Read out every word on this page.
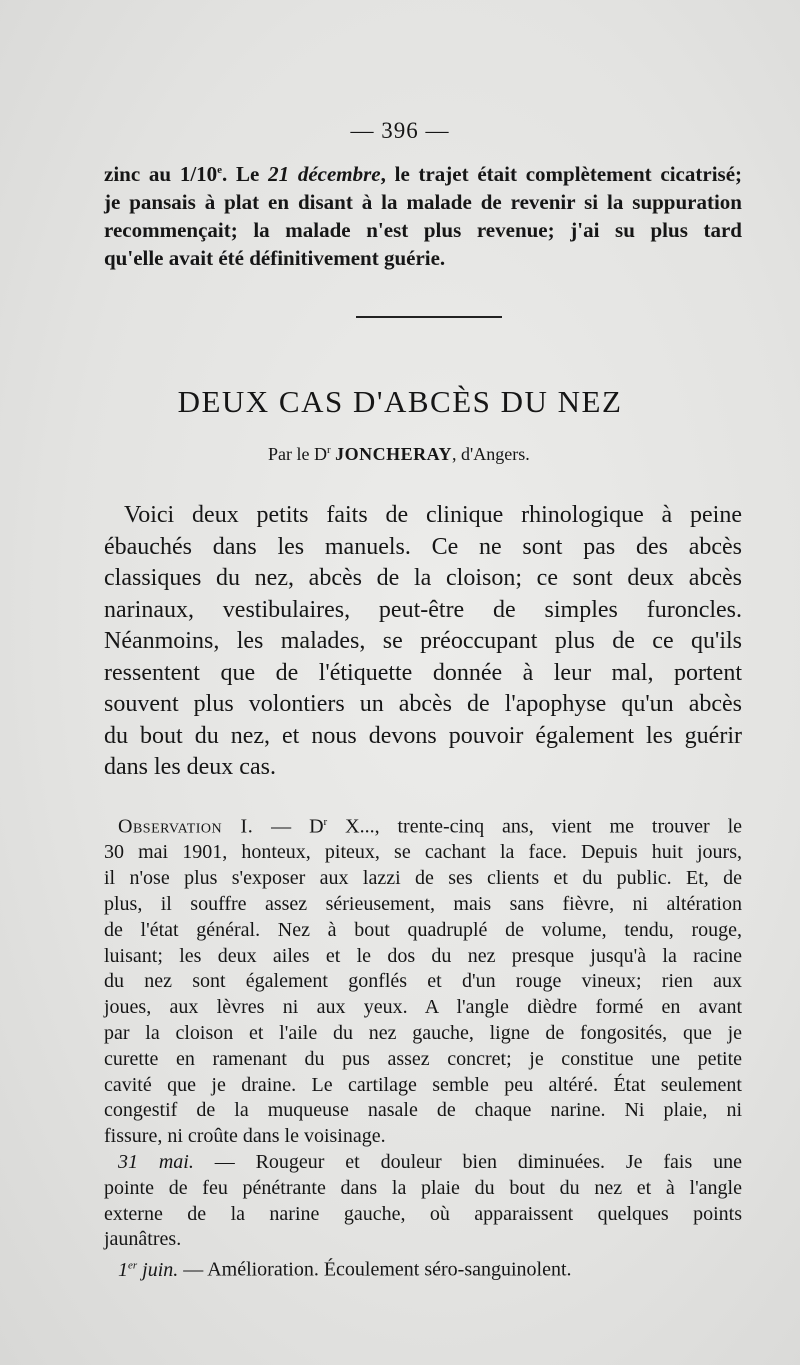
— 396 —
zinc au 1/10e. Le 21 décembre, le trajet était complètement cicatrisé;
je pansais à plat en disant à la malade de revenir si la suppuration
recommençait; la malade n'est plus revenue; j'ai su plus tard
qu'elle avait été définitivement guérie.
DEUX CAS D'ABCÈS DU NEZ
Par le $D^r$ JONCHERAY, d'Angers.
Voici deux petits faits de clinique rhinologique à peine
ébauchés dans les manuels. Ce ne sont pas des abcès
classiques du nez, abcès de la cloison; ce sont deux abcès
narinaux, vestibulaires, peut-être de simples furoncles.
Néanmoins, les malades, se préoccupant plus de ce qu'ils
ressentent que de l'étiquette donnée à leur mal, portent
souvent plus volontiers un abcès de l'apophyse qu'un abcès
du bout du nez, et nous devons pouvoir également les guérir
dans les deux cas.
Observation I. — $D^r$ X..., trente-cinq ans, vient me trouver le
30 mai 1901, honteux, piteux, se cachant la face. Depuis huit jours,
il n'ose plus s'exposer aux lazzi de ses clients et du public. Et, de
plus, il souffre assez sérieusement, mais sans fièvre, ni altération
de l'état général. Nez à bout quadruplé de volume, tendu, rouge,
luisant; les deux ailes et le dos du nez presque jusqu'à la racine
du nez sont également gonflés et d'un rouge vineux; rien aux
joues, aux lèvres ni aux yeux. A l'angle dièdre formé en avant
par la cloison et l'aile du nez gauche, ligne de fongosités, que je
curette en ramenant du pus assez concret; je constitue une petite
cavité que je draine. Le cartilage semble peu altéré. État seulement
congestif de la muqueuse nasale de chaque narine. Ni plaie, ni
fissure, ni croûte dans le voisinage.
31 mai. — Rougeur et douleur bien diminuées. Je fais une
pointe de feu pénétrante dans la plaie du bout du nez et à l'angle
externe de la narine gauche, où apparaissent quelques points
jaunâtres.
1er juin. — Amélioration. Écoulement séro-sanguinolent.
